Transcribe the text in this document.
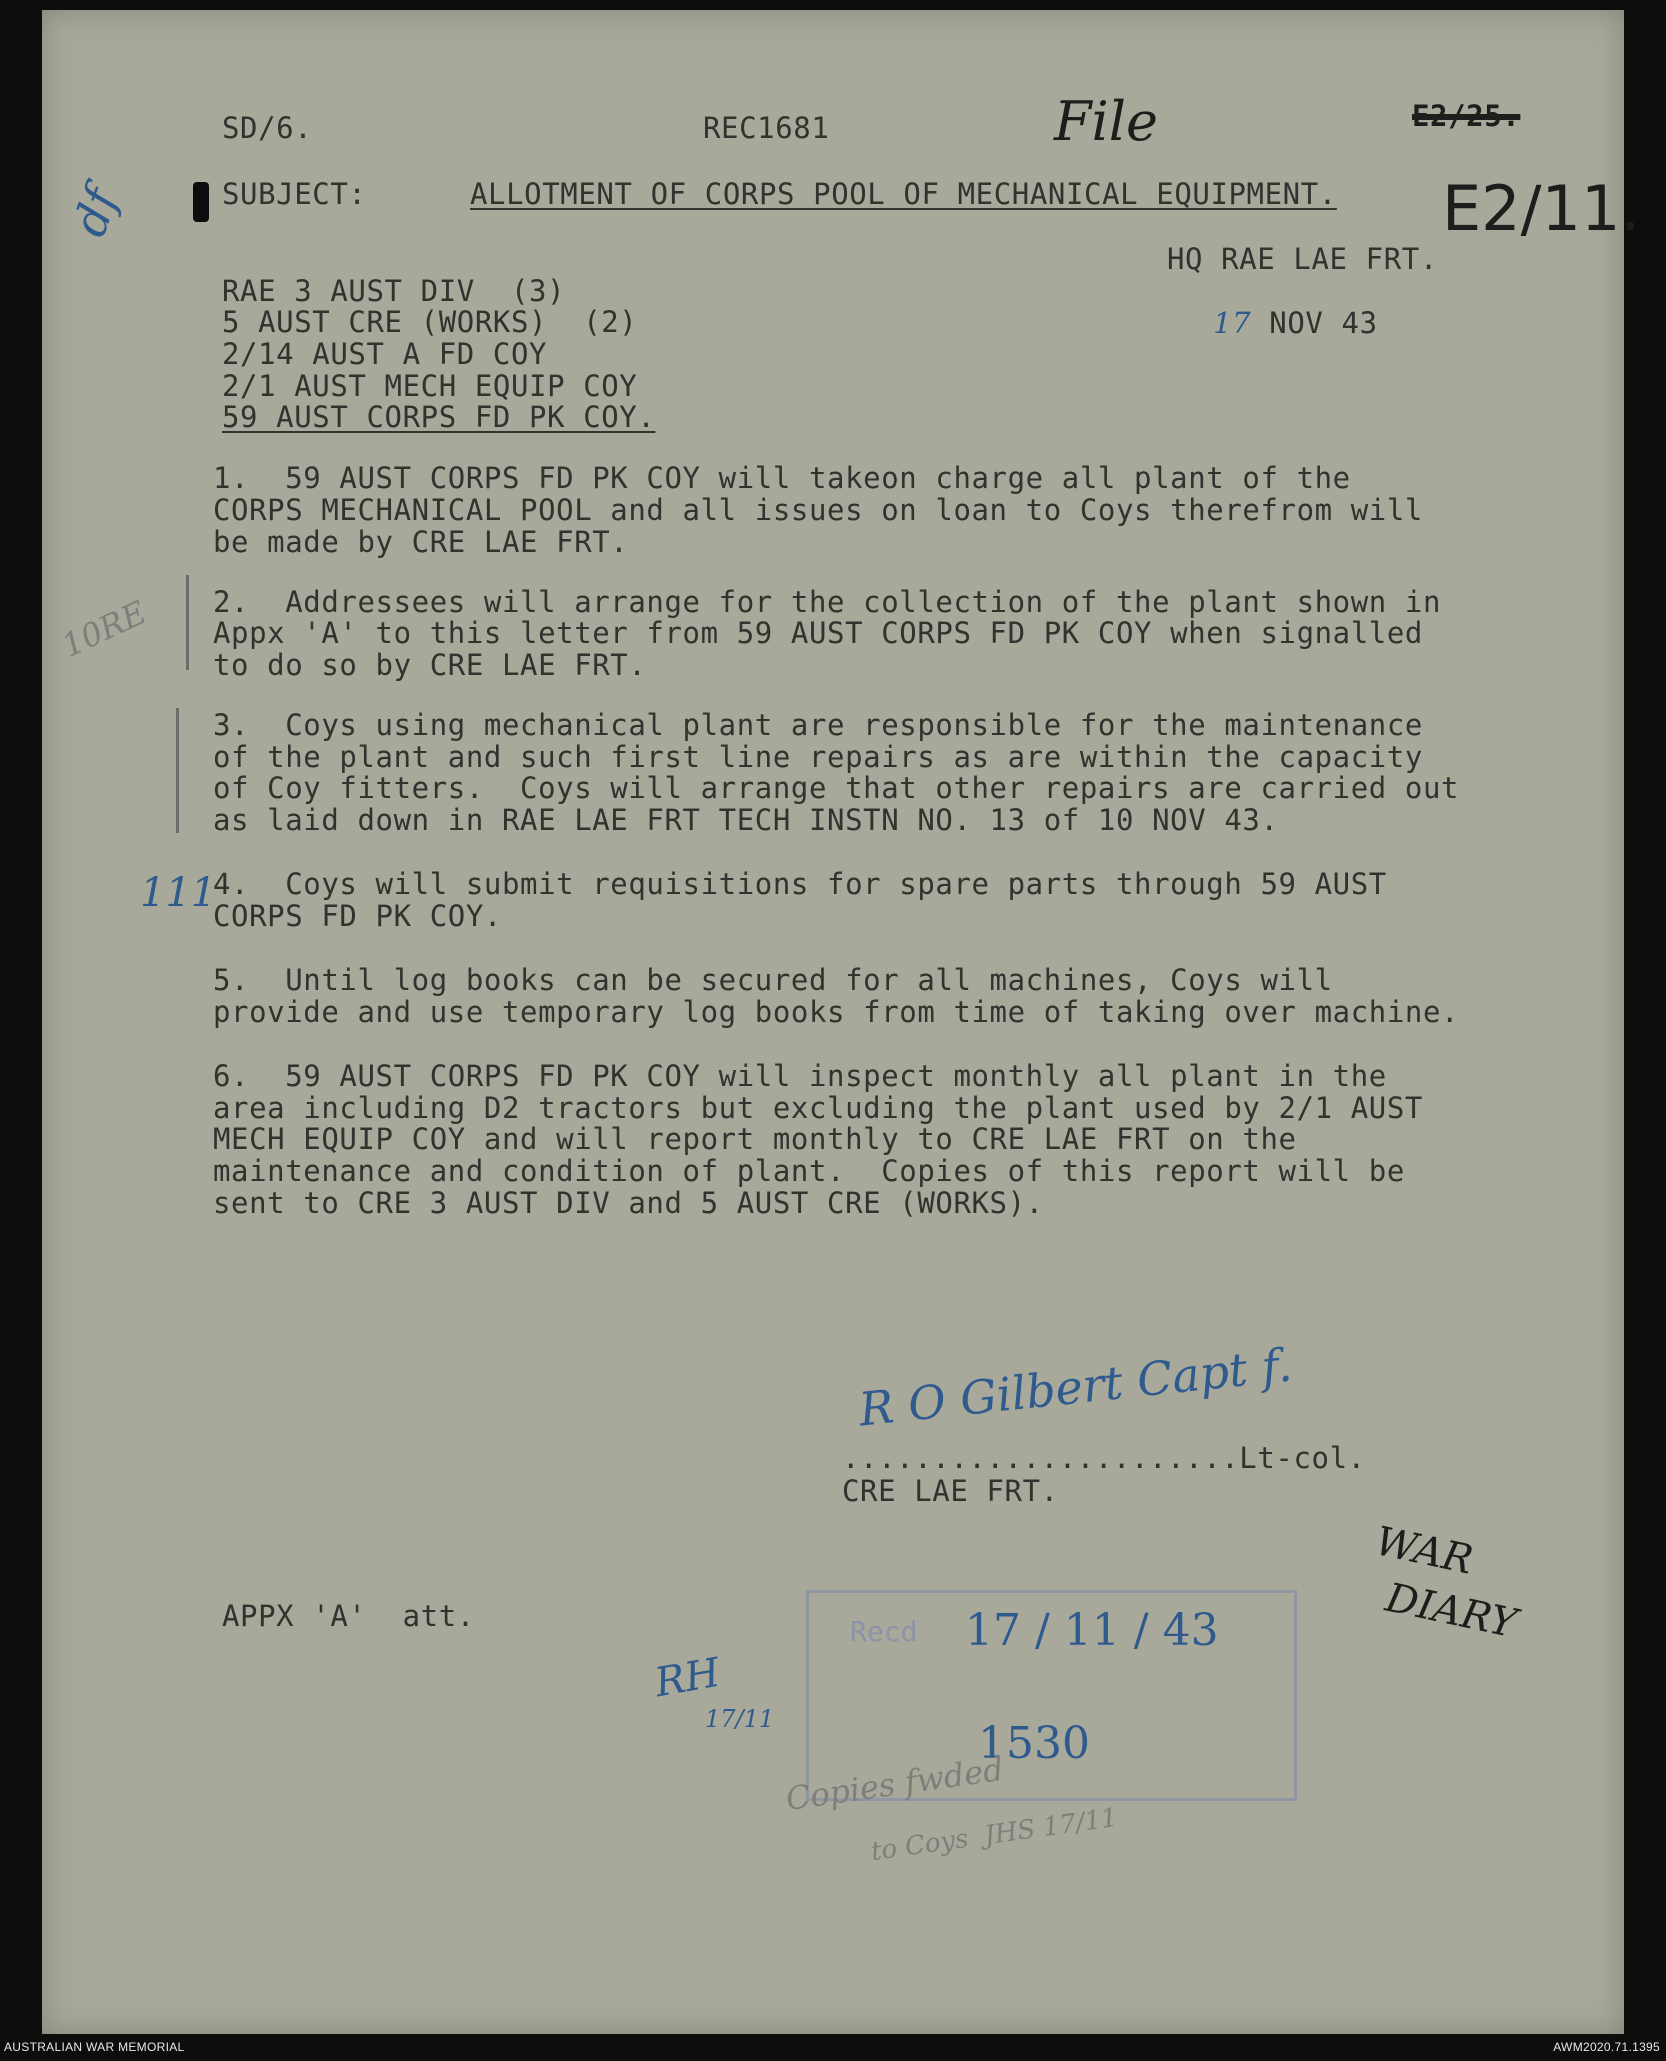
SD/6.	REC1681	File	E2/25.
E2/11.
SUBJECT:	ALLOTMENT OF CORPS POOL OF MECHANICAL EQUIPMENT.
HQ RAE LAE FRT.

17 NOV 43

RAE 3 AUST DIV  (3)
5 AUST CRE (WORKS)  (2)
2/14 AUST A FD COY
2/1 AUST MECH EQUIP COY
59 AUST CORPS FD PK COY.
1.  59 AUST CORPS FD PK COY will takeon charge all plant of the
CORPS MECHANICAL POOL and all issues on loan to Coys therefrom will
be made by CRE LAE FRT.
2.  Addressees will arrange for the collection of the plant shown in
Appx 'A' to this letter from 59 AUST CORPS FD PK COY when signalled
to do so by CRE LAE FRT.
3.  Coys using mechanical plant are responsible for the maintenance
of the plant and such first line repairs as are within the capacity
of Coy fitters.  Coys will arrange that other repairs are carried out
as laid down in RAE LAE FRT TECH INSTN NO. 13 of 10 NOV 43.
4.  Coys will submit requisitions for spare parts through 59 AUST
CORPS FD PK COY.
5.  Until log books can be secured for all machines, Coys will
provide and use temporary log books from time of taking over machine.
6.  59 AUST CORPS FD PK COY will inspect monthly all plant in the
area including D2 tractors but excluding the plant used by 2/1 AUST
MECH EQUIP COY and will report monthly to CRE LAE FRT on the
maintenance and condition of plant.  Copies of this report will be
sent to CRE 3 AUST DIV and 5 AUST CRE (WORKS).
df
10RE
111
R O Gilbert Capt f.
......................Lt-col.
CRE LAE FRT.
WAR
DIARY
APPX 'A'  att.	Recd 17 / 11 / 43
1530
RH
17/11
Copies fwded
to Coys  JHS 17/11
AUSTRALIAN WAR MEMORIAL	AWM2020.71.1395
